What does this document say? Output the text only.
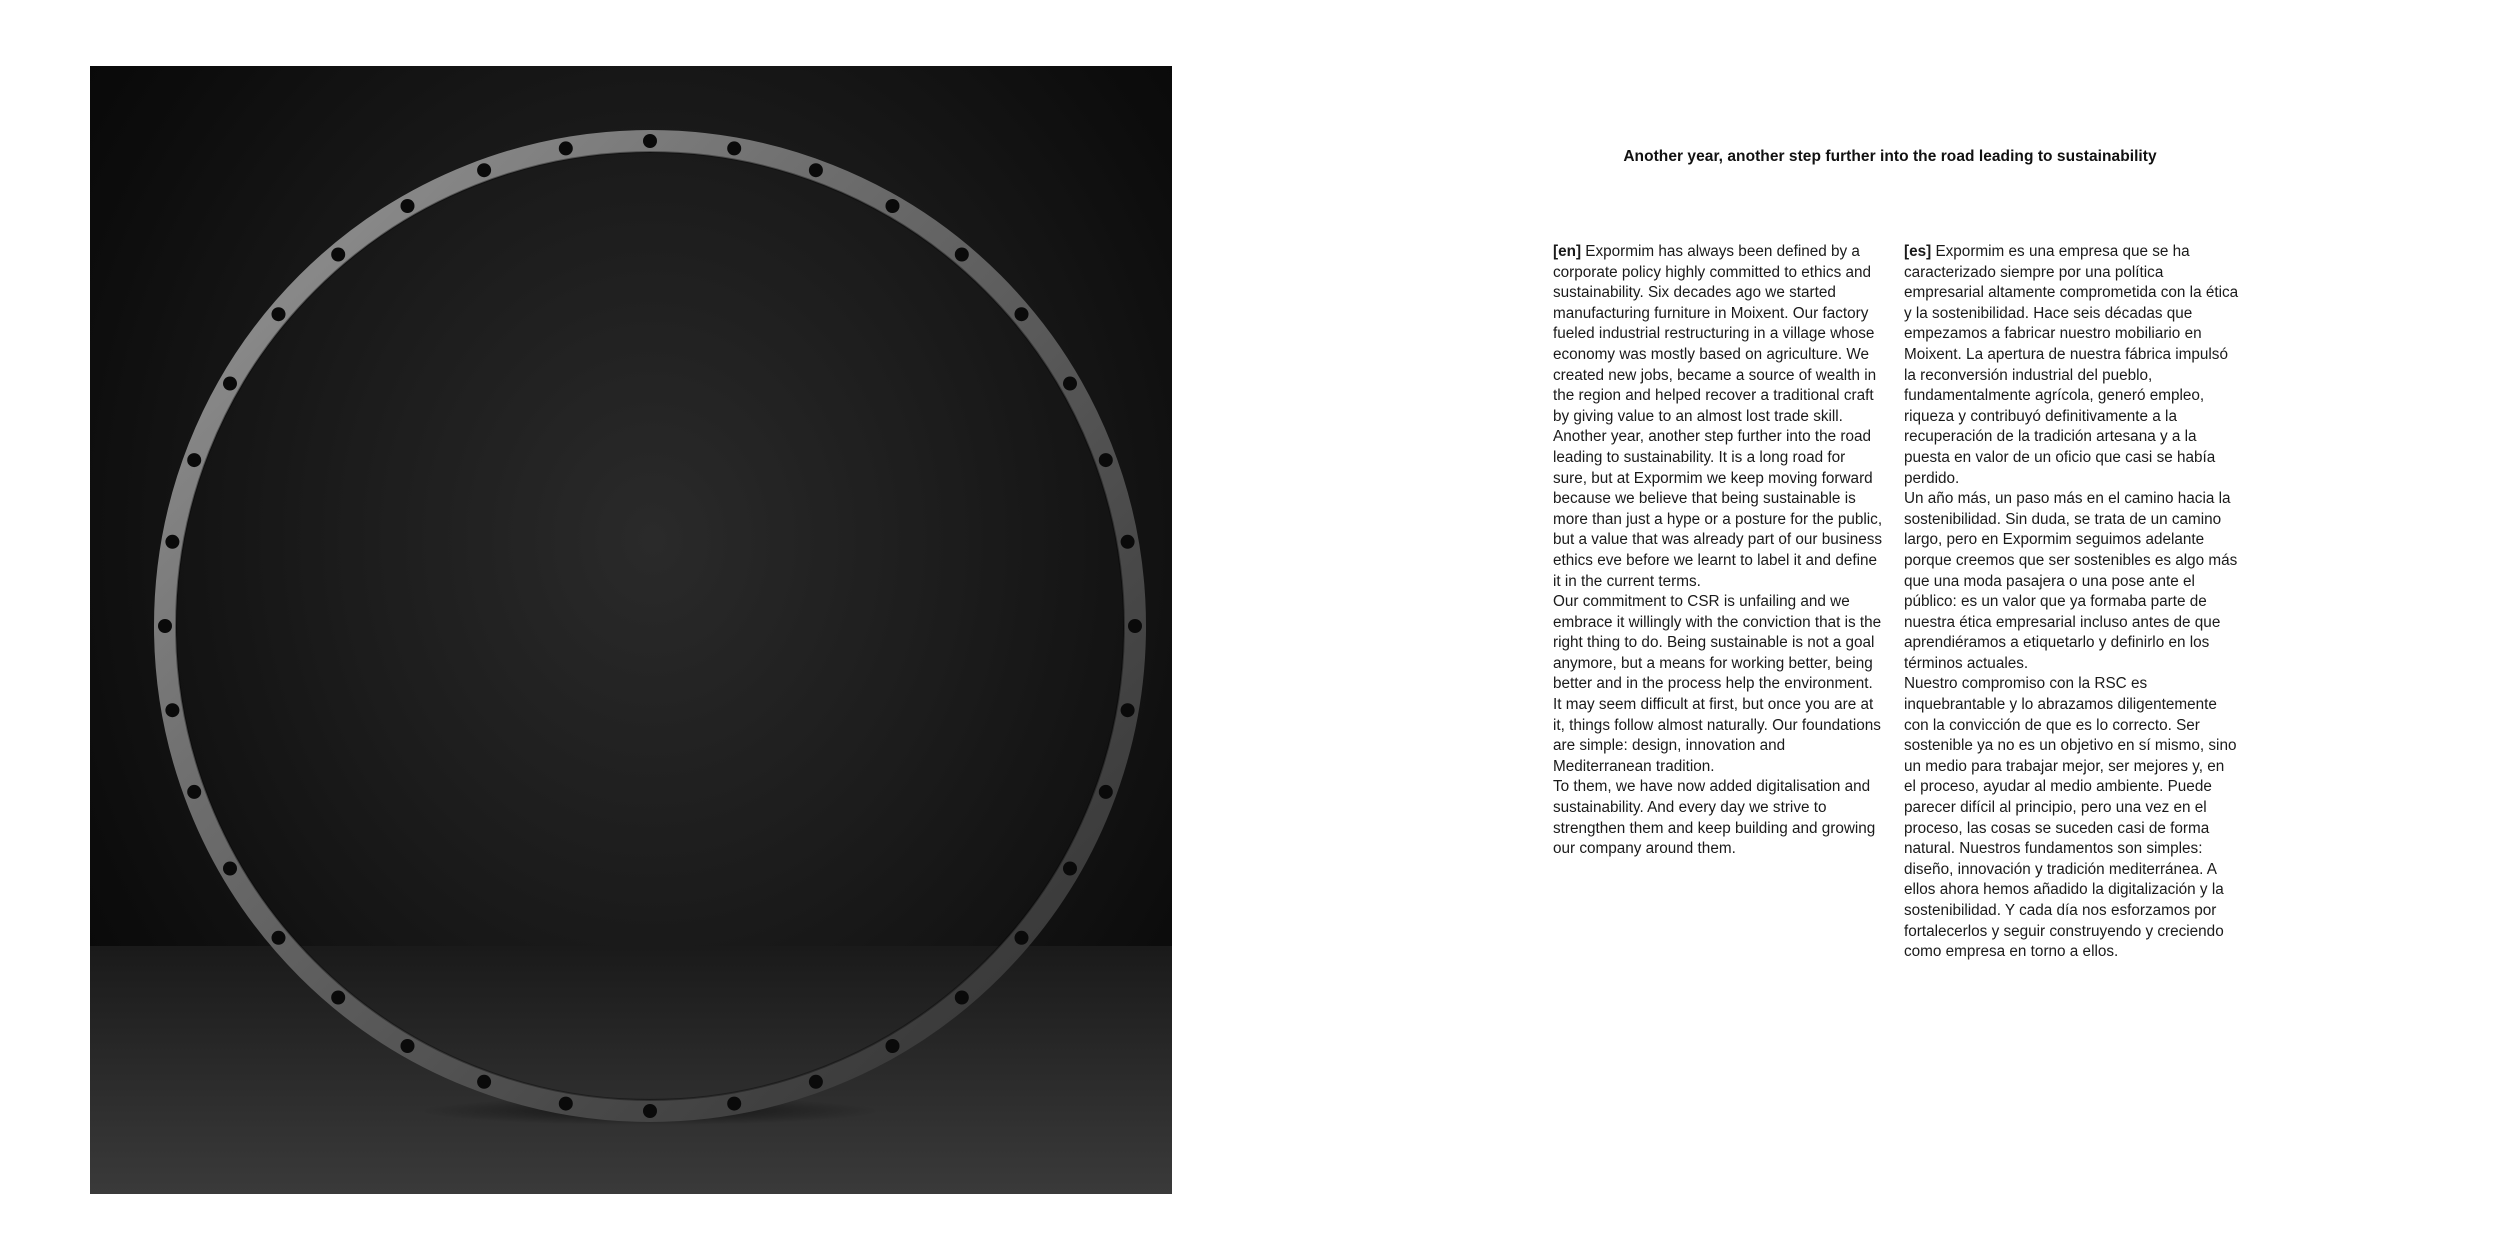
Another year, another step further into the road leading to sustainability

[en] Expormim has always been defined by a corporate policy highly committed to ethics and sustainability. Six decades ago we started manufacturing furniture in Moixent. Our factory fueled industrial restructuring in a village whose economy was mostly based on agriculture. We created new jobs, became a source of wealth in the region and helped recover a traditional craft by giving value to an almost lost trade skill.

Another year, another step further into the road leading to sustainability. It is a long road for sure, but at Expormim we keep moving forward because we believe that being sustainable is more than just a hype or a posture for the public, but a value that was already part of our business ethics eve before we learnt to label it and define it in the current terms.

Our commitment to CSR is unfailing and we embrace it willingly with the conviction that is the right thing to do. Being sustainable is not a goal anymore, but a means for working better, being better and in the process help the environment. It may seem difficult at first, but once you are at it, things follow almost naturally. Our foundations are simple: design, innovation and Mediterranean tradition.

To them, we have now added digitalisation and sustainability. And every day we strive to strengthen them and keep building and growing our company around them.

[es] Expormim es una empresa que se ha caracterizado siempre por una política empresarial altamente comprometida con la ética y la sostenibilidad. Hace seis décadas que empezamos a fabricar nuestro mobiliario en Moixent. La apertura de nuestra fábrica impulsó la reconversión industrial del pueblo, fundamentalmente agrícola, generó empleo, riqueza y contribuyó definitivamente a la recuperación de la tradición artesana y a la puesta en valor de un oficio que casi se había perdido.

Un año más, un paso más en el camino hacia la sostenibilidad. Sin duda, se trata de un camino largo, pero en Expormim seguimos adelante porque creemos que ser sostenibles es algo más que una moda pasajera o una pose ante el público: es un valor que ya formaba parte de nuestra ética empresarial incluso antes de que aprendiéramos a etiquetarlo y definirlo en los términos actuales.

Nuestro compromiso con la RSC es inquebrantable y lo abrazamos diligentemente con la convicción de que es lo correcto. Ser sostenible ya no es un objetivo en sí mismo, sino un medio para trabajar mejor, ser mejores y, en el proceso, ayudar al medio ambiente. Puede parecer difícil al principio, pero una vez en el proceso, las cosas se suceden casi de forma natural. Nuestros fundamentos son simples: diseño, innovación y tradición mediterránea. A ellos ahora hemos añadido la digitalización y la sostenibilidad. Y cada día nos esforzamos por fortalecerlos y seguir construyendo y creciendo como empresa en torno a ellos.
